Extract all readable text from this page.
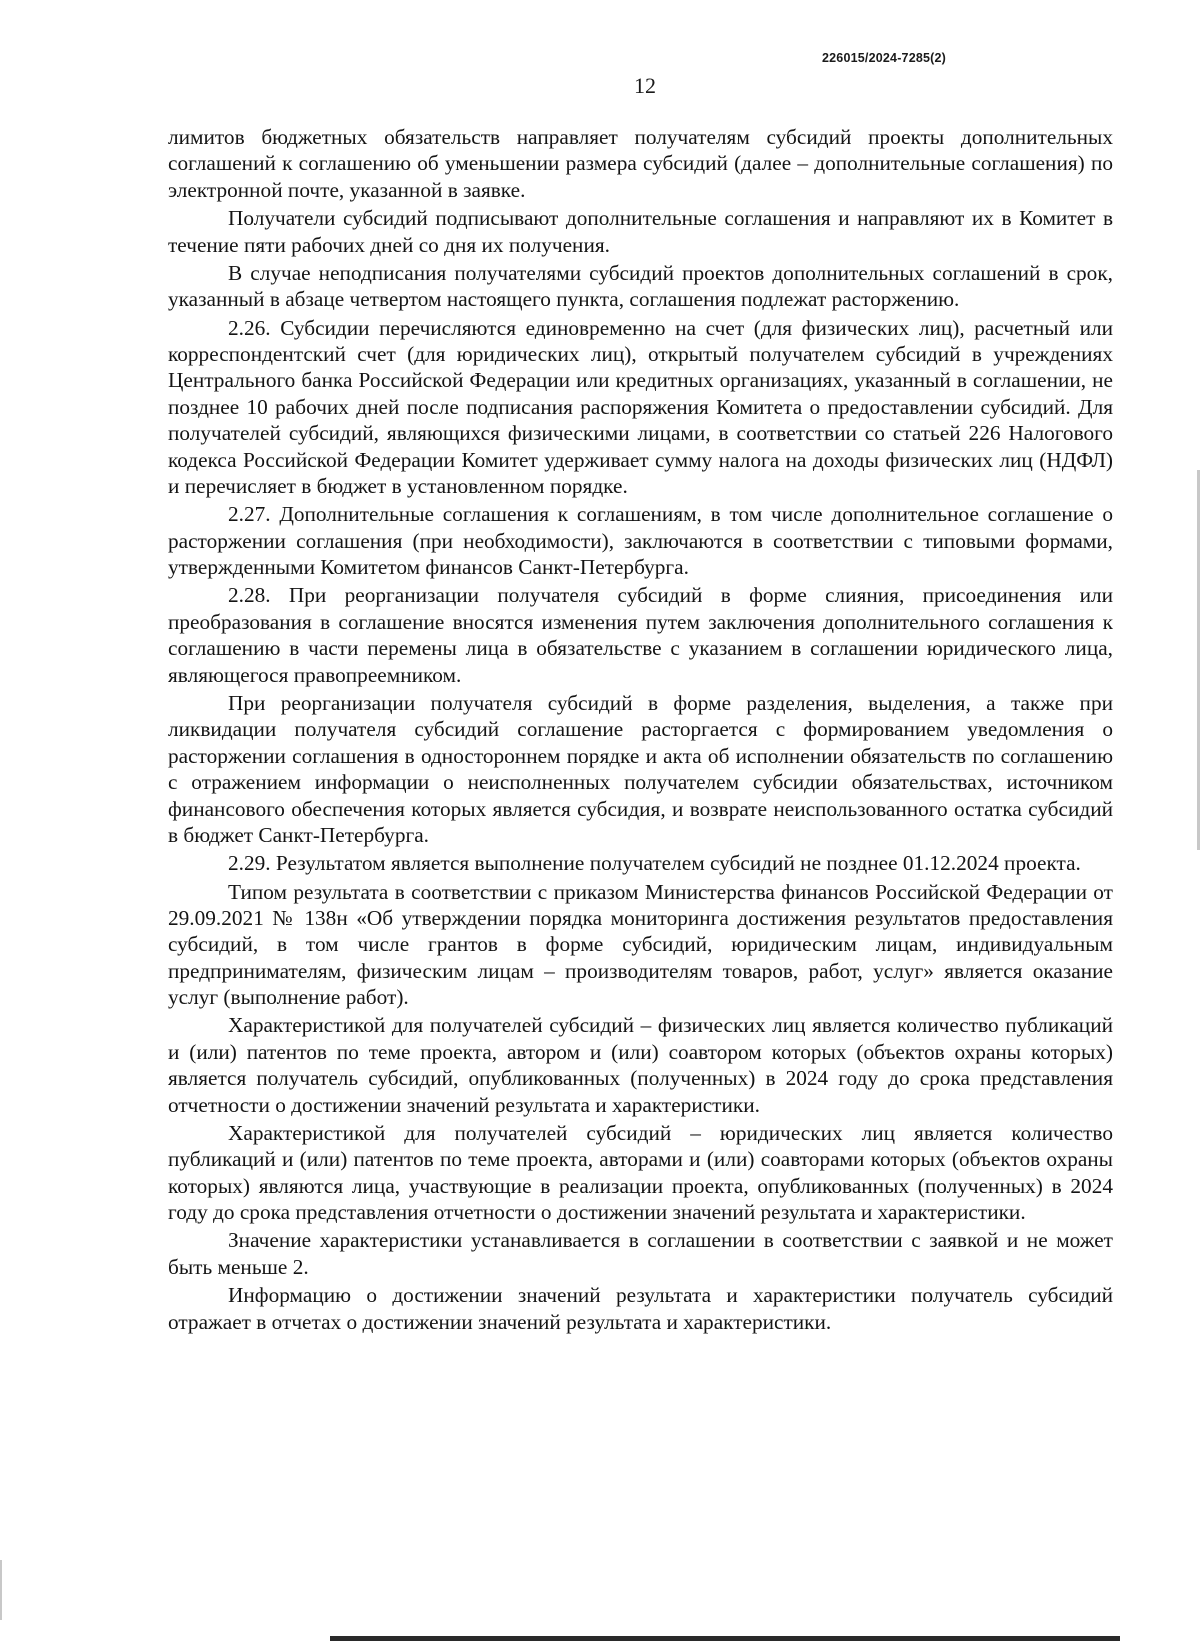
226015/2024-7285(2)
12

лимитов бюджетных обязательств направляет получателям субсидий проекты дополнительных соглашений к соглашению об уменьшении размера субсидий (далее – дополнительные соглашения) по электронной почте, указанной в заявке.

Получатели субсидий подписывают дополнительные соглашения и направляют их в Комитет в течение пяти рабочих дней со дня их получения.

В случае неподписания получателями субсидий проектов дополнительных соглашений в срок, указанный в абзаце четвертом настоящего пункта, соглашения подлежат расторжению.

2.26. Субсидии перечисляются единовременно на счет (для физических лиц), расчетный или корреспондентский счет (для юридических лиц), открытый получателем субсидий в учреждениях Центрального банка Российской Федерации или кредитных организациях, указанный в соглашении, не позднее 10 рабочих дней после подписания распоряжения Комитета о предоставлении субсидий. Для получателей субсидий, являющихся физическими лицами, в соответствии со статьей 226 Налогового кодекса Российской Федерации Комитет удерживает сумму налога на доходы физических лиц (НДФЛ) и перечисляет в бюджет в установленном порядке.

2.27. Дополнительные соглашения к соглашениям, в том числе дополнительное соглашение о расторжении соглашения (при необходимости), заключаются в соответствии с типовыми формами, утвержденными Комитетом финансов Санкт-Петербурга.

2.28. При реорганизации получателя субсидий в форме слияния, присоединения или преобразования в соглашение вносятся изменения путем заключения дополнительного соглашения к соглашению в части перемены лица в обязательстве с указанием в соглашении юридического лица, являющегося правопреемником.

При реорганизации получателя субсидий в форме разделения, выделения, а также при ликвидации получателя субсидий соглашение расторгается с формированием уведомления о расторжении соглашения в одностороннем порядке и акта об исполнении обязательств по соглашению с отражением информации о неисполненных получателем субсидии обязательствах, источником финансового обеспечения которых является субсидия, и возврате неиспользованного остатка субсидий в бюджет Санкт-Петербурга.

2.29. Результатом является выполнение получателем субсидий не позднее 01.12.2024 проекта.

Типом результата в соответствии с приказом Министерства финансов Российской Федерации от 29.09.2021 № 138н «Об утверждении порядка мониторинга достижения результатов предоставления субсидий, в том числе грантов в форме субсидий, юридическим лицам, индивидуальным предпринимателям, физическим лицам – производителям товаров, работ, услуг» является оказание услуг (выполнение работ).

Характеристикой для получателей субсидий – физических лиц является количество публикаций и (или) патентов по теме проекта, автором и (или) соавтором которых (объектов охраны которых) является получатель субсидий, опубликованных (полученных) в 2024 году до срока представления отчетности о достижении значений результата и характеристики.

Характеристикой для получателей субсидий – юридических лиц является количество публикаций и (или) патентов по теме проекта, авторами и (или) соавторами которых (объектов охраны которых) являются лица, участвующие в реализации проекта, опубликованных (полученных) в 2024 году до срока представления отчетности о достижении значений результата и характеристики.

Значение характеристики устанавливается в соглашении в соответствии с заявкой и не может быть меньше 2.

Информацию о достижении значений результата и характеристики получатель субсидий отражает в отчетах о достижении значений результата и характеристики.
